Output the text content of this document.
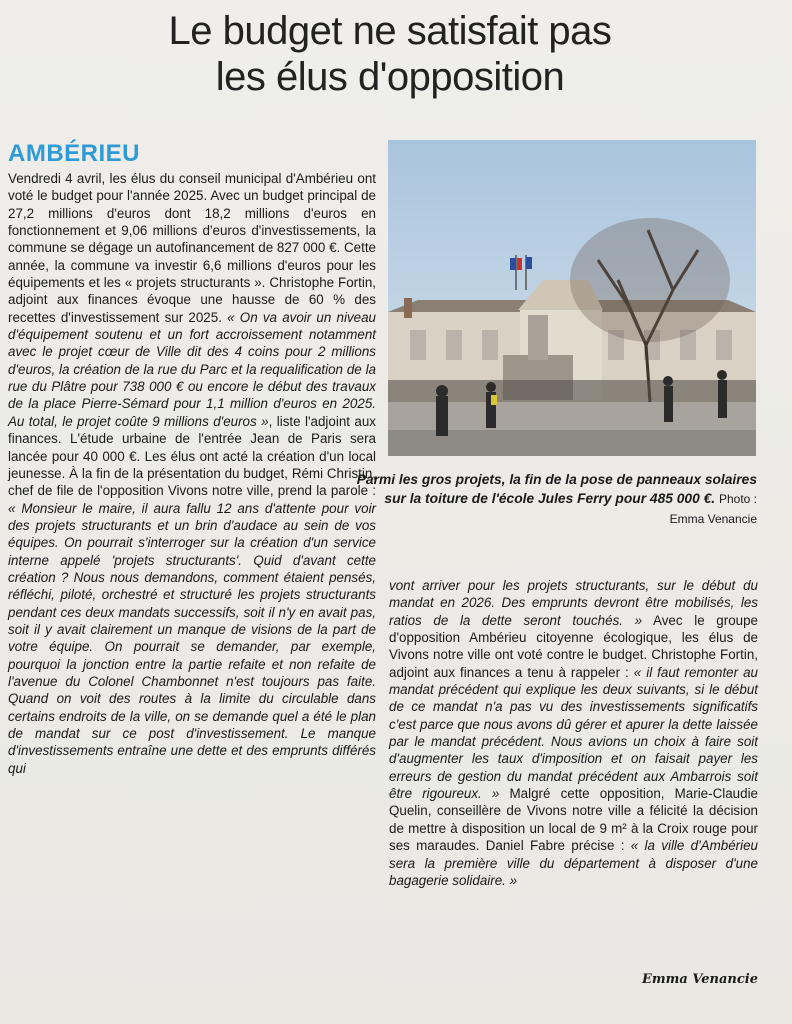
Le budget ne satisfait pas
les élus d'opposition
AMBÉRIEU

Vendredi 4 avril, les élus du conseil municipal d'Ambérieu ont voté le budget pour l'année 2025. Avec un budget principal de 27,2 millions d'euros dont 18,2 millions d'euros en fonctionnement et 9,06 millions d'euros d'investissements, la commune se dégage un autofinancement de 827 000 €. Cette année, la commune va investir 6,6 millions d'euros pour les équipements et les « projets structurants ». Christophe Fortin, adjoint aux finances évoque une hausse de 60 % des recettes d'investissement sur 2025. « On va avoir un niveau d'équipement soutenu et un fort accroissement notamment avec le projet cœur de Ville dit des 4 coins pour 2 millions d'euros, la création de la rue du Parc et la requalification de la rue du Plâtre pour 738 000 € ou encore le début des travaux de la place Pierre-Sémard pour 1,1 million d'euros en 2025. Au total, le projet coûte 9 millions d'euros », liste l'adjoint aux finances. L'étude urbaine de l'entrée Jean de Paris sera lancée pour 40 000 €. Les élus ont acté la création d'un local jeunesse. À la fin de la présentation du budget, Rémi Christin, chef de file de l'opposition Vivons notre ville, prend la parole : « Monsieur le maire, il aura fallu 12 ans d'attente pour voir des projets structurants et un brin d'audace au sein de vos équipes. On pourrait s'interroger sur la création d'un service interne appelé 'projets structurants'. Quid d'avant cette création ? Nous nous demandons, comment étaient pensés, réfléchi, piloté, orchestré et structuré les projets structurants pendant ces deux mandats successifs, soit il n'y en avait pas, soit il y avait clairement un manque de visions de la part de votre équipe. On pourrait se demander, par exemple, pourquoi la jonction entre la partie refaite et non refaite de l'avenue du Colonel Chambonnet n'est toujours pas faite. Quand on voit des routes à la limite du circulable dans certains endroits de la ville, on se demande quel a été le plan de mandat sur ce post d'investissement. Le manque d'investissements entraîne une dette et des emprunts différés qui

Parmi les gros projets, la fin de la pose de panneaux solaires sur la toiture de l'école Jules Ferry pour 485 000 €. Photo : Emma Venancie

vont arriver pour les projets structurants, sur le début du mandat en 2026. Des emprunts devront être mobilisés, les ratios de la dette seront touchés. » Avec le groupe d'opposition Ambérieu citoyenne écologique, les élus de Vivons notre ville ont voté contre le budget. Christophe Fortin, adjoint aux finances a tenu à rappeler : « il faut remonter au mandat précédent qui explique les deux suivants, si le début de ce mandat n'a pas vu des investissements significatifs c'est parce que nous avons dû gérer et apurer la dette laissée par le mandat précédent. Nous avions un choix à faire soit d'augmenter les taux d'imposition et on faisait payer les erreurs de gestion du mandat précédent aux Ambarrois soit être rigoureux. » Malgré cette opposition, Marie-Claudie Quelin, conseillère de Vivons notre ville a félicité la décision de mettre à disposition un local de 9 m² à la Croix rouge pour ses maraudes. Daniel Fabre précise : « la ville d'Ambérieu sera la première ville du département à disposer d'une bagagerie solidaire. »

Emma Venancie
